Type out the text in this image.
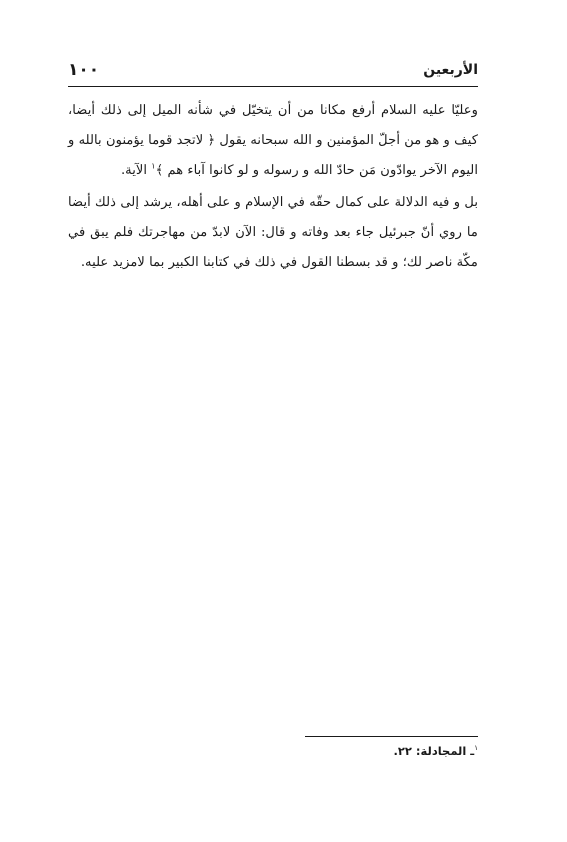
الأربعين
١٠٠

وعليّا عليه السلام أرفع مكانا من أن يتخيّل في شأنه الميل إلى ذلك أيضا، كيف و هو من أجلّ المؤمنين و الله سبحانه يقول ﴿ لاتجد قوما يؤمنون بالله و اليوم الآخر يوادّون مَن حادّ الله و رسوله و لو كانوا آباء هم ﴾$^١$ الآية.

بل و فيه الدلالة على كمال حقّه في الإسلام و على أهله، يرشد إلى ذلك أيضا ما روي أنّ جبرئيل جاء بعد وفاته و قال: الآن لابدّ من مهاجرتك فلم يبق في مكّة ناصر لك؛ و قد بسطنا القول في ذلك في كتابنا الكبير بما لامزيد عليه.

$^١$ـ المجادلة: ٢٢.
